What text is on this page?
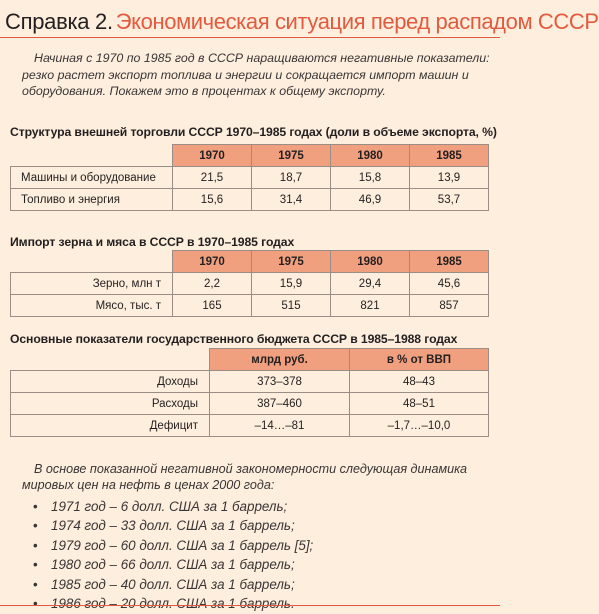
Справка 2. Экономическая ситуация перед распадом СССР

Начиная с 1970 по 1985 год в СССР наращиваются негативные показатели: резко растет экспорт топлива и энергии и сокращается импорт машин и оборудования. Покажем это в процентах к общему экспорту.

Структура внешней торговли СССР 1970–1985 годах (доли в объеме экспорта, %)
	1970	1975	1980	1985
Машины и оборудование	21,5	18,7	15,8	13,9
Топливо и энергия	15,6	31,4	46,9	53,7
Импорт зерна и мяса в СССР в 1970–1985 годах
	1970	1975	1980	1985
Зерно, млн т	2,2	15,9	29,4	45,6
Мясо, тыс. т	165	515	821	857
Основные показатели государственного бюджета СССР в 1985–1988 годах
	млрд руб.	в % от ВВП
Доходы	373–378	48–43
Расходы	387–460	48–51
Дефицит	–14…–81	–1,7…–10,0

В основе показанной негативной закономерности следующая динамика мировых цен на нефть в ценах 2000 года:

• 1971 год – 6 долл. США за 1 баррель;
• 1974 год – 33 долл. США за 1 баррель;
• 1979 год – 60 долл. США за 1 баррель [5];
• 1980 год – 66 долл. США за 1 баррель;
• 1985 год – 40 долл. США за 1 баррель;
• 1986 год – 20 долл. США за 1 баррель.
